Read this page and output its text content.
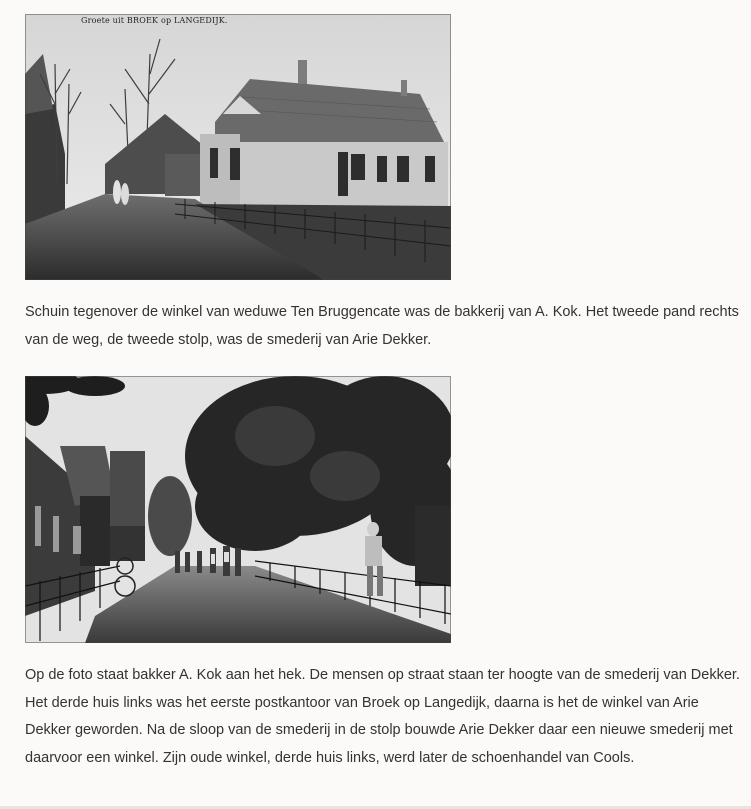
Groete uit BROEK op LANGEDIJK.

Schuin tegenover de winkel van weduwe Ten Bruggencate was de bakkerij van A. Kok. Het tweede pand rechts van de weg, de tweede stolp, was de smederij van Arie Dekker.

Op de foto staat bakker A. Kok aan het hek. De mensen op straat staan ter hoogte van de smederij van Dekker. Het derde huis links was het eerste postkantoor van Broek op Langedijk, daarna is het de winkel van Arie Dekker geworden. Na de sloop van de smederij in de stolp bouwde Arie Dekker daar een nieuwe smederij met daarvoor een winkel. Zijn oude winkel, derde huis links, werd later de schoenhandel van Cools.
